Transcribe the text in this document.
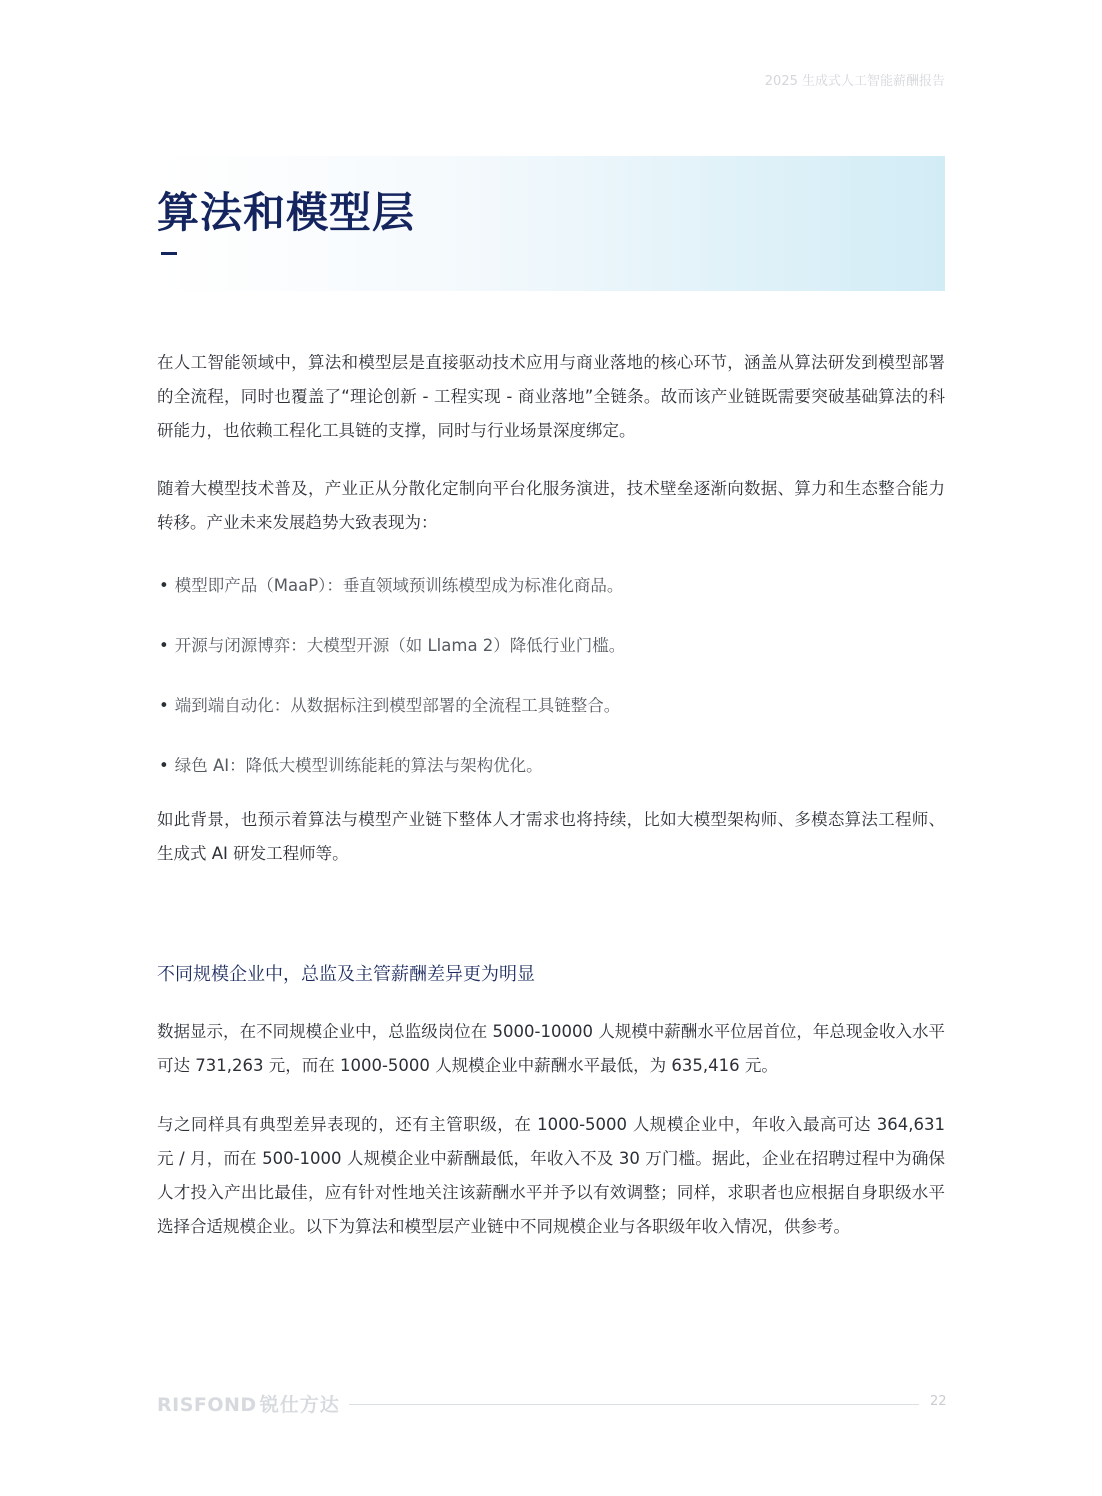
2025 生成式人工智能薪酬报告
算法和模型层

在人工智能领域中，算法和模型层是直接驱动技术应用与商业落地的核心环节，涵盖从算法研发到模型部署的全流程，同时也覆盖了“理论创新 - 工程实现 - 商业落地”全链条。故而该产业链既需要突破基础算法的科研能力，也依赖工程化工具链的支撑，同时与行业场景深度绑定。

随着大模型技术普及，产业正从分散化定制向平台化服务演进，技术壁垒逐渐向数据、算力和生态整合能力转移。产业未来发展趋势大致表现为：

• 模型即产品（MaaP）：垂直领域预训练模型成为标准化商品。

• 开源与闭源博弈：大模型开源（如 Llama 2）降低行业门槛。

• 端到端自动化：从数据标注到模型部署的全流程工具链整合。

• 绿色 AI：降低大模型训练能耗的算法与架构优化。

如此背景，也预示着算法与模型产业链下整体人才需求也将持续，比如大模型架构师、多模态算法工程师、生成式 AI 研发工程师等。

不同规模企业中，总监及主管薪酬差异更为明显

数据显示，在不同规模企业中，总监级岗位在 5000-10000 人规模中薪酬水平位居首位，年总现金收入水平可达 731,263 元，而在 1000-5000 人规模企业中薪酬水平最低，为 635,416 元。

与之同样具有典型差异表现的，还有主管职级，在 1000-5000 人规模企业中，年收入最高可达 364,631 元 / 月，而在 500-1000 人规模企业中薪酬最低，年收入不及 30 万门槛。据此，企业在招聘过程中为确保人才投入产出比最佳，应有针对性地关注该薪酬水平并予以有效调整；同样，求职者也应根据自身职级水平选择合适规模企业。以下为算法和模型层产业链中不同规模企业与各职级年收入情况，供参考。

RISFOND 锐仕方达	22
